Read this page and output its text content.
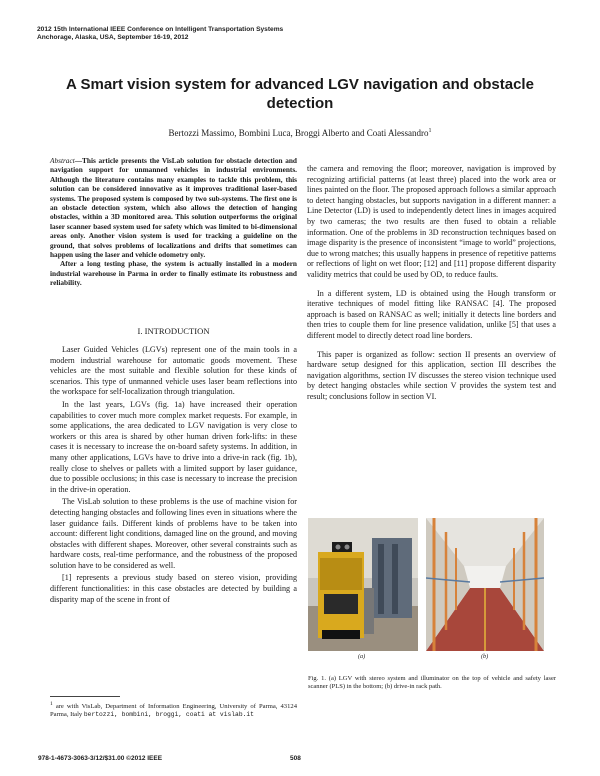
2012 15th International IEEE Conference on Intelligent Transportation Systems
Anchorage, Alaska, USA, September 16-19, 2012
A Smart vision system for advanced LGV navigation and obstacle detection
Bertozzi Massimo, Bombini Luca, Broggi Alberto and Coati Alessandro$^1$

Abstract—This article presents the VisLab solution for obstacle detection and navigation support for unmanned vehicles in industrial environments. Although the literature contains many examples to tackle this problem, this solution can be considered innovative as it improves traditional laser-based systems. The proposed system is composed by two sub-systems. The first one is an obstacle detection system, which also allows the detection of hanging obstacles, within a 3D monitored area. This solution outperforms the original laser scanner based system used for safety which was limited to bi-dimensional areas only. Another vision system is used for tracking a guideline on the ground, that solves problems of localizations and drifts that sometimes can happen using the laser and vehicle odometry only.

After a long testing phase, the system is actually installed in a modern industrial warehouse in Parma in order to finally estimate its robustness and reliability.

I. INTRODUCTION

Laser Guided Vehicles (LGVs) represent one of the main tools in a modern industrial warehouse for automatic goods movement. These vehicles are the most suitable and flexible solution for these kinds of scenarios. This type of unmanned vehicle uses laser beam reflections into the workspace for self-localization through triangulation.

In the last years, LGVs (fig. 1a) have increased their operation capabilities to cover much more complex market requests. For example, in some applications, the area dedicated to LGV navigation is very close to workers or this area is shared by other human driven fork-lifts: in these cases it is necessary to increase the on-board safety systems. In addition, in many other applications, LGVs have to drive into a drive-in rack (fig. 1b), really close to shelves or pallets with a limited support by laser guidance, due to possible occlusions; in this case is necessary to increase the precision in the drive-in operation.

The VisLab solution to these problems is the use of machine vision for detecting hanging obstacles and following lines even in situations where the laser guidance fails. Different kinds of problems have to be taken into account: different light conditions, damaged line on the ground, and moving obstacles with different shapes. Moreover, other several constraints such as hardware costs, real-time performance, and the robustness of the proposed solution have to be considered as well.

[1] represents a previous study based on stereo vision, providing different functionalities: in this case obstacles are detected by building a disparity map of the scene in front of

$^1$ are with VisLab, Department of Information Engineering, University of Parma, 43124 Parma, Italy bertozzi, bombini, broggi, coati at vislab.it

the camera and removing the floor; moreover, navigation is improved by recognizing artificial patterns (at least three) placed into the work area or lines painted on the floor. The proposed approach follows a similar approach to detect hanging obstacles, but supports navigation in a different manner: a Line Detector (LD) is used to independently detect lines in images acquired by two cameras; the two results are then fused to obtain a reliable information. One of the problems in 3D reconstruction techniques based on image disparity is the presence of inconsistent “image to world” projections, due to wrong matches; this usually happens in presence of repetitive patterns or reflections of light on wet floor; [12] and [11] propose different disparity validity metrics that could be used by OD, to reduce faults.

In a different system, LD is obtained using the Hough transform or iterative techniques of model fitting like RANSAC [4]. The proposed approach is based on RANSAC as well; initially it detects line borders and then tries to couple them for line presence validation, unlike [5] that uses a different model to directly detect road line borders.

This paper is organized as follow: section II presents an overview of hardware setup designed for this application, section III describes the navigation algorithms, section IV discusses the stereo vision technique used by detect hanging obstacles while section V provides the system test and result; conclusions follow in section VI.

(a)	(b)
Fig. 1. (a) LGV with stereo system and illuminator on the top of vehicle and safety laser scanner (PLS) in the bottom; (b) drive-in rack path.
978-1-4673-3063-3/12/$31.00 ©2012 IEEE	508
